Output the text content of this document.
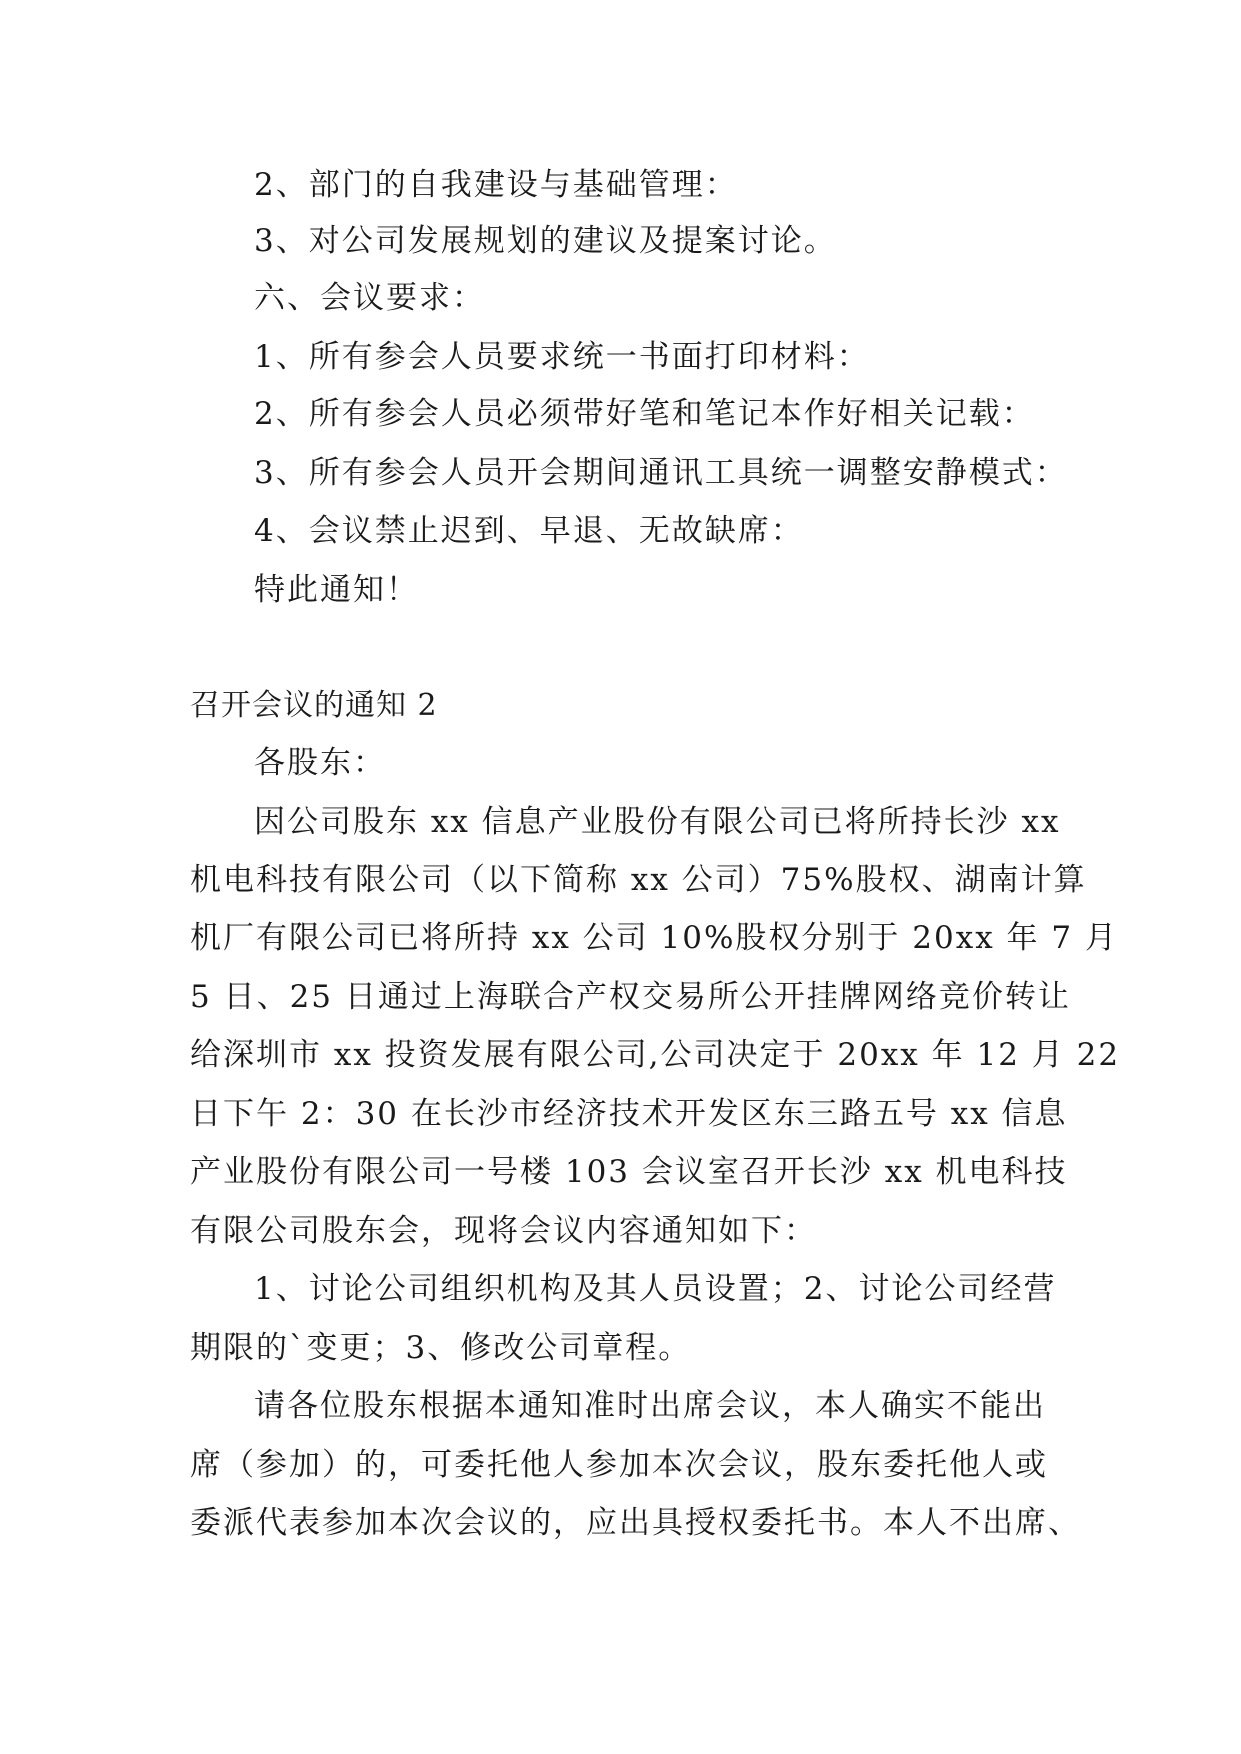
2、部门的自我建设与基础管理：

3、对公司发展规划的建议及提案讨论。

六、会议要求：

1、所有参会人员要求统一书面打印材料：

2、所有参会人员必须带好笔和笔记本作好相关记载：

3、所有参会人员开会期间通讯工具统一调整安静模式：

4、会议禁止迟到、早退、无故缺席：

特此通知！

召开会议的通知 2

各股东：

因公司股东 xx 信息产业股份有限公司已将所持长沙 xx

机电科技有限公司（以下简称 xx 公司）75%股权、湖南计算

机厂有限公司已将所持 xx 公司 10%股权分别于 20xx 年 7 月

5 日、25 日通过上海联合产权交易所公开挂牌网络竞价转让

给深圳市 xx 投资发展有限公司,公司决定于 20xx 年 12 月 22

日下午 2：30 在长沙市经济技术开发区东三路五号 xx 信息

产业股份有限公司一号楼 103 会议室召开长沙 xx 机电科技

有限公司股东会，现将会议内容通知如下：

1、讨论公司组织机构及其人员设置；2、讨论公司经营

期限的`变更；3、修改公司章程。

请各位股东根据本通知准时出席会议，本人确实不能出

席（参加）的，可委托他人参加本次会议，股东委托他人或

委派代表参加本次会议的，应出具授权委托书。本人不出席、
